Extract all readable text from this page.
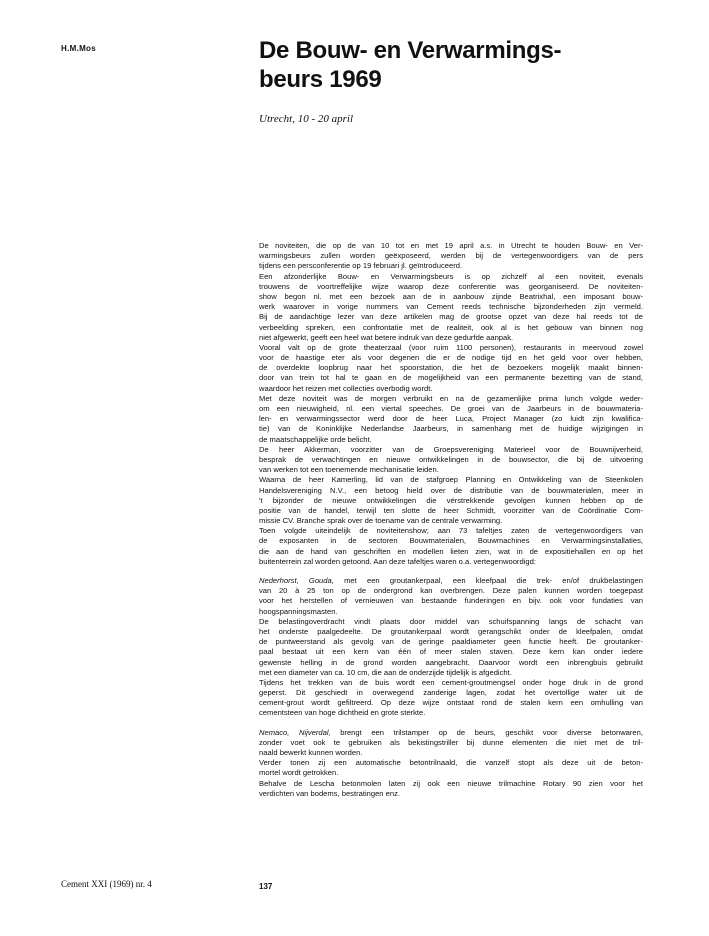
H.M.Mos	De Bouw- en Verwarmings-
beurs 1969
Utrecht, 10 - 20 april
De noviteiten, die op de van 10 tot en met 19 april a.s. in Utrecht te houden Bouw- en Ver-
warmingsbeurs zullen worden geëxposeerd, werden bij de vertegenwoordigers van de pers
tijdens een persconferentie op 19 februari jl. geïntroduceerd.
Een afzonderlijke Bouw- en Verwarmingsbeurs is op zichzelf al een noviteit, evenals
trouwens de voortreffelijke wijze waarop deze conferentie was georganiseerd. De noviteiten-
show begon nl. met een bezoek aan de in aanbouw zijnde Beatrixhal, een imposant bouw-
werk waarover in vorige nummers van Cement reeds technische bijzonderheden zijn vermeld.
Bij de aandachtige lezer van deze artikelen mag de grootse opzet van deze hal reeds tot de
verbeelding spreken, een confrontatie met de realiteit, ook al is het gebouw van binnen nog
niet afgewerkt, geeft een heel wat betere indruk van deze gedurfde aanpak.
Vooral valt op de grote theaterzaal (voor ruim 1100 personen), restaurants in meervoud zowel
voor de haastige eter als voor degenen die er de nodige tijd en het geld voor over hebben,
de overdekte loopbrug naar het spoorstation, die het de bezoekers mogelijk maakt binnen-
door van trein tot hal te gaan en de mogelijkheid van een permanente bezetting van de stand,
waardoor het reizen met collecties overbodig wordt.
Met deze noviteit was de morgen verbruikt en na de gezamenlijke prima lunch volgde weder-
om een nieuwigheid, nl. een viertal speeches. De groei van de Jaarbeurs in de bouwmateria-
len- en verwarmingssector werd door de heer Luca, Project Manager (zo luidt zijn kwalifica-
tie) van de Koninklijke Nederlandse Jaarbeurs, in samenhang met de huidige wijzigingen in
de maatschappelijke orde belicht.
De heer Akkerman, voorzitter van de Groepsvereniging Materieel voor de Bouwnijverheid,
besprak de verwachtingen en nieuwe ontwikkelingen in de bouwsector, die bij de uitvoering
van werken tot een toenemende mechanisatie leiden.
Waarna de heer Kamerling, lid van de stafgroep Planning en Ontwikkeling van de Steenkolen
Handelsvereniging N.V., een betoog hield over de distributie van de bouwmaterialen, meer in
't bijzonder de nieuwe ontwikkelingen die vérstrekkende gevolgen kunnen hebben op de
positie van de handel, terwijl ten slotte de heer Schmidt, voorzitter van de Coördinatie Com-
missie CV. Branche sprak over de toename van de centrale verwarming.
Toen volgde uiteindelijk de noviteitenshow; aan 73 tafeltjes zaten de vertegenwoordigers van
de exposanten in de sectoren Bouwmaterialen, Bouwmachines en Verwarmingsinstallaties,
die aan de hand van geschriften en modellen lieten zien, wat in de expositiehallen en op het
buitenterrein zal worden getoond. Aan deze tafeltjes waren o.a. vertegenwoordigd:
Nederhorst, Gouda, met een groutankerpaal, een kleefpaal die trek- en/of drukbelastingen
van 20 à 25 ton op de ondergrond kan overbrengen. Deze palen kunnen worden toegepast
voor het herstellen of vernieuwen van bestaande funderingen en bijv. ook voor fundaties van
hoogspanningsmasten.
De belastingoverdracht vindt plaats door middel van schuifspanning langs de schacht van
het onderste paalgedeelte. De groutankerpaal wordt gerangschikt onder de kleefpalen, omdat
de puntweerstand als gevolg van de geringe paaldiameter geen functie heeft. De groutanker-
paal bestaat uit een kern van één of meer stalen staven. Deze kern kan onder iedere
gewenste helling in de grond worden aangebracht. Daarvoor wordt een inbrengbuis gebruikt
met een diameter van ca. 10 cm, die aan de onderzijde tijdelijk is afgedicht.
Tijdens het trekken van de buis wordt een cement-groutmengsel onder hoge druk in de grond
geperst. Dit geschiedt in overwegend zanderige lagen, zodat het overtollige water uit de
cement-grout wordt gefiltreerd. Op deze wijze ontstaat rond de stalen kern een omhulling van
cementsteen van hoge dichtheid en grote sterkte.
Nemaco, Nijverdal, brengt een trilstamper op de beurs, geschikt voor diverse betonwaren,
zonder voet ook te gebruiken als bekistingstriller bij dunne elementen die niet met de tril-
naald bewerkt kunnen worden.
Verder tonen zij een automatische betontrilnaald, die vanzelf stopt als deze uit de beton-
mortel wordt getrokken.
Behalve de Lescha betonmolen laten zij ook een nieuwe trilmachine Rotary 90 zien voor het
verdichten van bodems, bestratingen enz.
Cement XXI (1969) nr. 4	137
